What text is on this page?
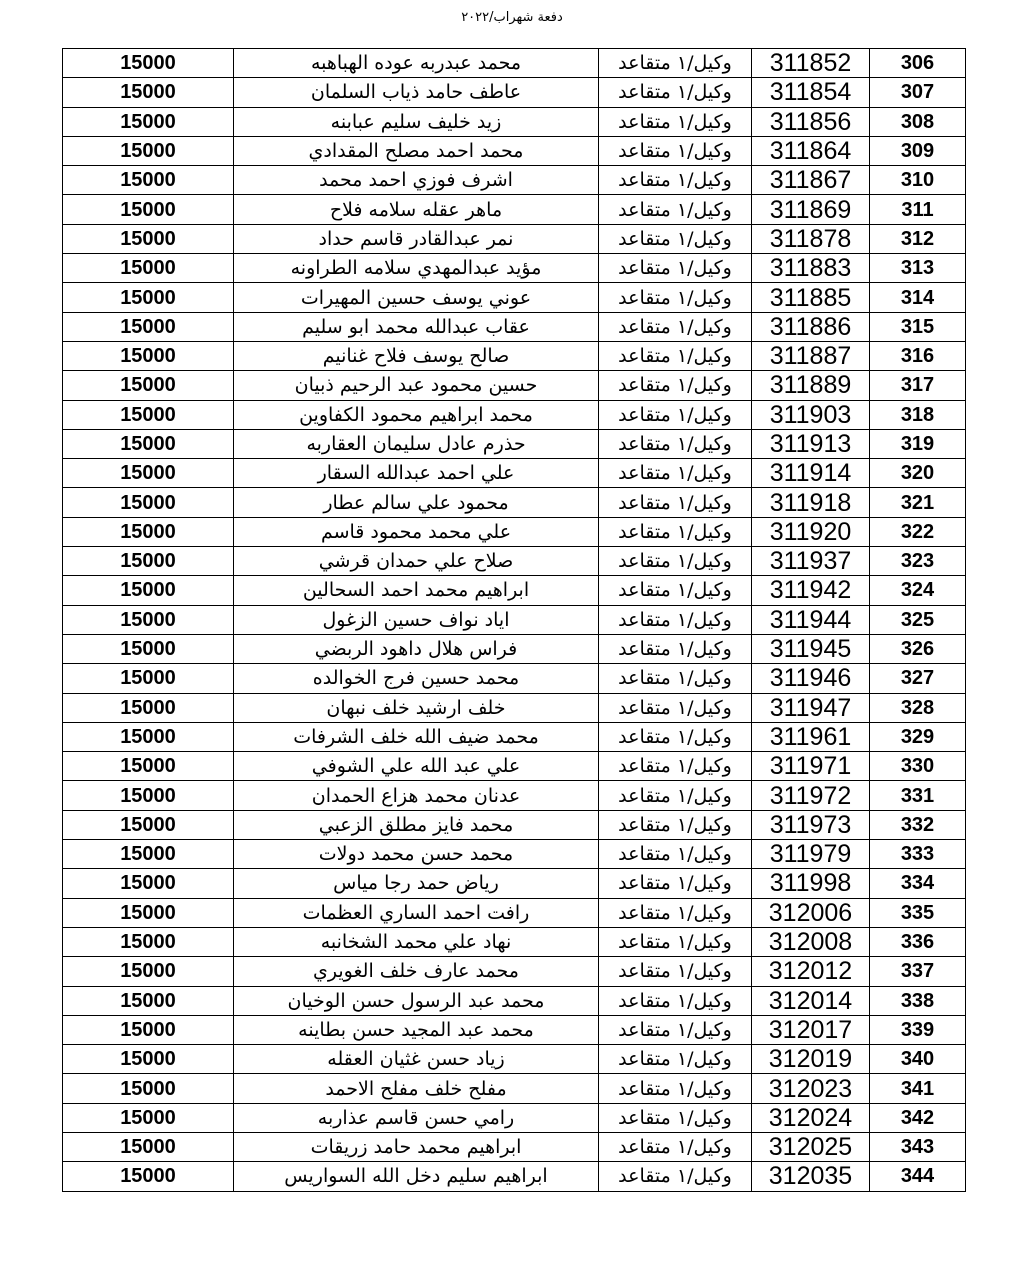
دفعة شهراب/٢٠٢٢
15000	محمد عبدربه عوده الهباهبه	وكيل/١ متقاعد	311852	306
15000	عاطف حامد ذياب السلمان	وكيل/١ متقاعد	311854	307
15000	زيد خليف سليم عبابنه	وكيل/١ متقاعد	311856	308
15000	محمد احمد مصلح المقدادي	وكيل/١ متقاعد	311864	309
15000	اشرف فوزي احمد محمد	وكيل/١ متقاعد	311867	310
15000	ماهر عقله سلامه فلاح	وكيل/١ متقاعد	311869	311
15000	نمر عبدالقادر قاسم حداد	وكيل/١ متقاعد	311878	312
15000	مؤيد عبدالمهدي سلامه الطراونه	وكيل/١ متقاعد	311883	313
15000	عوني يوسف حسين المهيرات	وكيل/١ متقاعد	311885	314
15000	عقاب عبدالله محمد ابو سليم	وكيل/١ متقاعد	311886	315
15000	صالح يوسف فلاح غنانيم	وكيل/١ متقاعد	311887	316
15000	حسين محمود عبد الرحيم ذبيان	وكيل/١ متقاعد	311889	317
15000	محمد ابراهيم محمود الكفاوين	وكيل/١ متقاعد	311903	318
15000	حذرم عادل سليمان العقاربه	وكيل/١ متقاعد	311913	319
15000	علي احمد عبدالله السقار	وكيل/١ متقاعد	311914	320
15000	محمود علي سالم عطار	وكيل/١ متقاعد	311918	321
15000	علي محمد محمود قاسم	وكيل/١ متقاعد	311920	322
15000	صلاح علي حمدان قرشي	وكيل/١ متقاعد	311937	323
15000	ابراهيم محمد احمد السحالين	وكيل/١ متقاعد	311942	324
15000	اياد نواف حسين الزغول	وكيل/١ متقاعد	311944	325
15000	فراس هلال داهود الربضي	وكيل/١ متقاعد	311945	326
15000	محمد حسين فرج الخوالده	وكيل/١ متقاعد	311946	327
15000	خلف ارشيد خلف نبهان	وكيل/١ متقاعد	311947	328
15000	محمد ضيف الله خلف الشرفات	وكيل/١ متقاعد	311961	329
15000	علي عبد الله علي الشوفي	وكيل/١ متقاعد	311971	330
15000	عدنان محمد هزاع الحمدان	وكيل/١ متقاعد	311972	331
15000	محمد فايز مطلق الزعبي	وكيل/١ متقاعد	311973	332
15000	محمد حسن محمد دولات	وكيل/١ متقاعد	311979	333
15000	رياض حمد رجا مياس	وكيل/١ متقاعد	311998	334
15000	رافت احمد الساري العظمات	وكيل/١ متقاعد	312006	335
15000	نهاد علي محمد الشخانبه	وكيل/١ متقاعد	312008	336
15000	محمد عارف خلف الغويري	وكيل/١ متقاعد	312012	337
15000	محمد عبد الرسول حسن الوخيان	وكيل/١ متقاعد	312014	338
15000	محمد عبد المجيد حسن بطاينه	وكيل/١ متقاعد	312017	339
15000	زياد حسن غثيان العقله	وكيل/١ متقاعد	312019	340
15000	مفلح خلف مفلح الاحمد	وكيل/١ متقاعد	312023	341
15000	رامي حسن قاسم عذاربه	وكيل/١ متقاعد	312024	342
15000	ابراهيم محمد حامد زريقات	وكيل/١ متقاعد	312025	343
15000	ابراهيم سليم دخل الله السواريس	وكيل/١ متقاعد	312035	344
